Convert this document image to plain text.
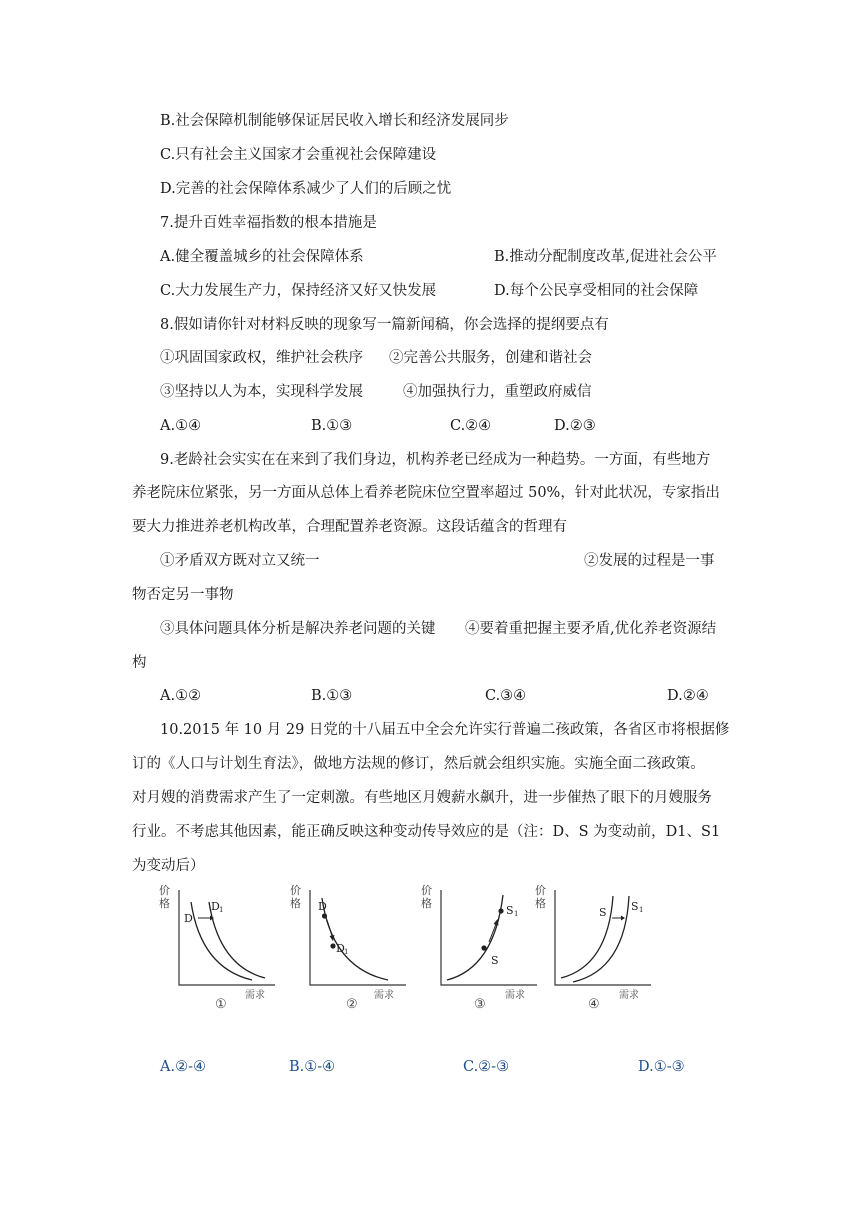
B.社会保障机制能够保证居民收入增长和经济发展同步
C.只有社会主义国家才会重视社会保障建设
D.完善的社会保障体系减少了人们的后顾之忧
7.提升百姓幸福指数的根本措施是
A.健全覆盖城乡的社会保障体系	B.推动分配制度改革,促进社会公平
C.大力发展生产力，保持经济又好又快发展	D.每个公民享受相同的社会保障
8.假如请你针对材料反映的现象写一篇新闻稿，你会选择的提纲要点有
①巩固国家政权，维护社会秩序 ②完善公共服务，创建和谐社会
③坚持以人为本，实现科学发展	④加强执行力，重塑政府威信
A.①④	B.①③	C.②④	D.②③
9.老龄社会实实在在来到了我们身边，机构养老已经成为一种趋势。一方面，有些地方
养老院床位紧张，另一方面从总体上看养老院床位空置率超过 50%，针对此状况，专家指出
要大力推进养老机构改革，合理配置养老资源。这段话蕴含的哲理有
①矛盾双方既对立又统一	②发展的过程是一事
物否定另一事物
③具体问题具体分析是解决养老问题的关键 ④要着重把握主要矛盾,优化养老资源结
构
A.①②	B.①③	C.③④	D.②④
10.2015 年 10 月 29 日党的十八届五中全会允许实行普遍二孩政策，各省区市将根据修
订的《人口与计划生育法》，做地方法规的修订，然后就会组织实施。实施全面二孩政策。
对月嫂的消费需求产生了一定刺激。有些地区月嫂薪水飙升，进一步催热了眼下的月嫂服务
行业。不考虑其他因素，能正确反映这种变动传导效应的是（注：D、S 为变动前，D1、S1
为变动后）
价
格
D
D 1
需求
①
价
格 D
D 1
需求
②
价
格
S 1
S
需求
③
价
格
S S 1
需求
④
A.②-④	B.①-④	C.②-③	D.①-③
